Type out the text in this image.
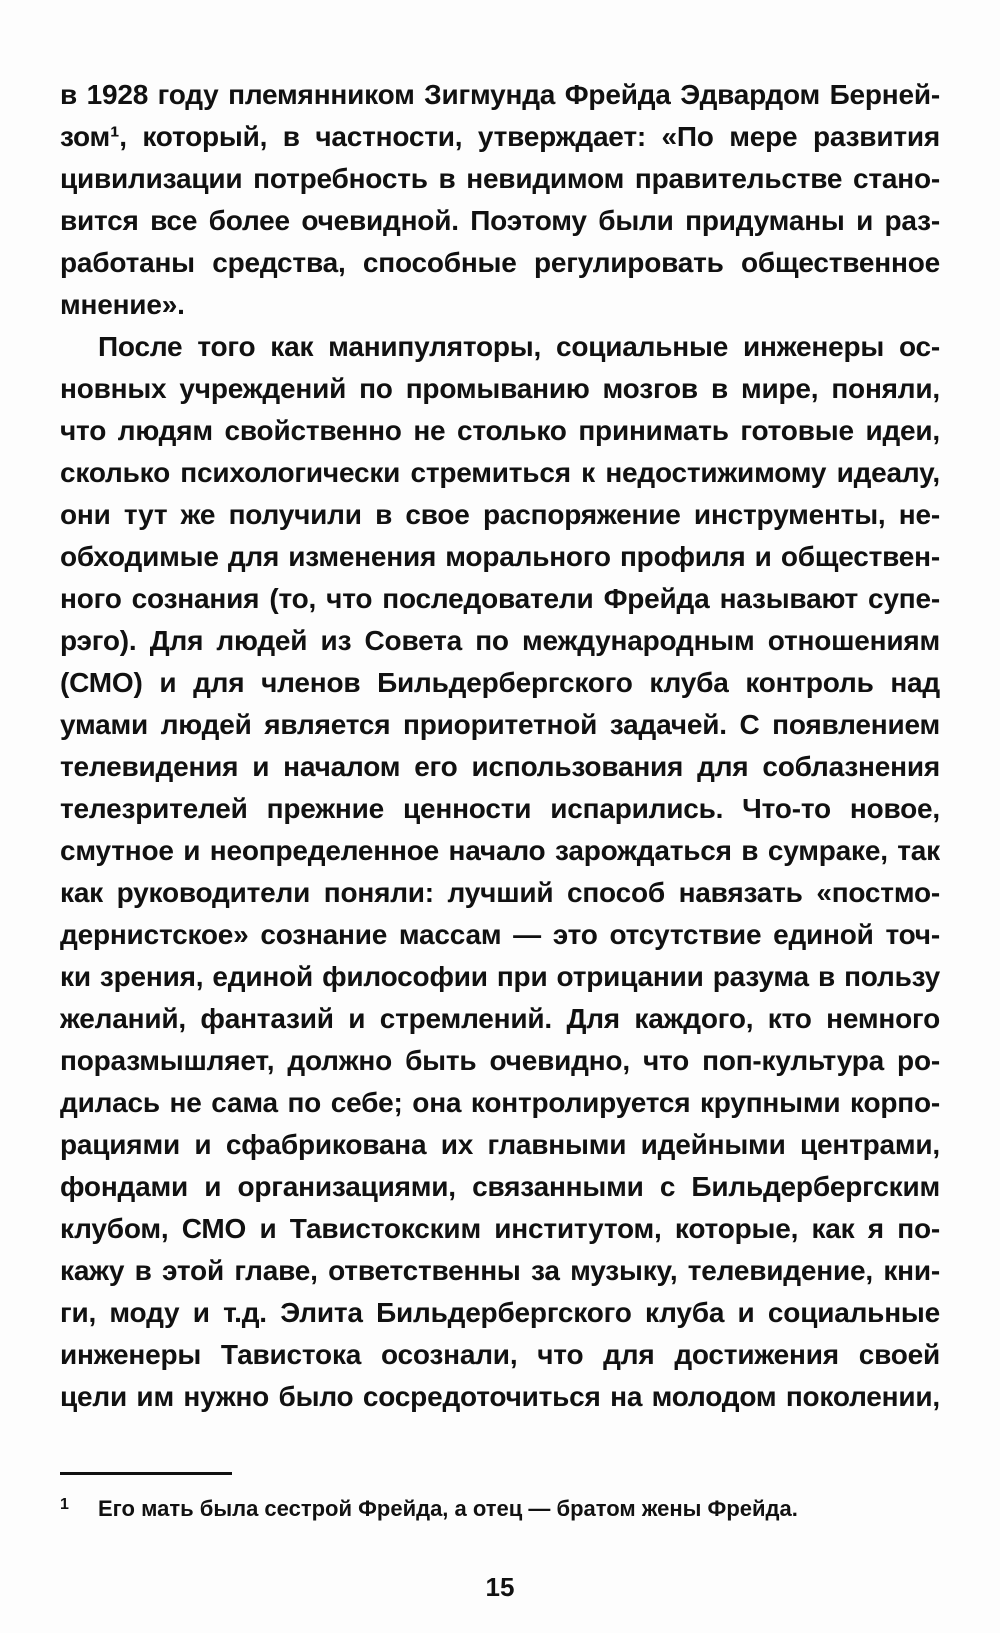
в 1928 году племянником Зигмунда Фрейда Эдвардом Берней-
зом¹, который, в частности, утверждает: «По мере развития
цивилизации потребность в невидимом правительстве стано-
вится все более очевидной. Поэтому были придуманы и раз-
работаны средства, способные регулировать общественное
мнение».
После того как манипуляторы, социальные инженеры ос-
новных учреждений по промыванию мозгов в мире, поняли,
что людям свойственно не столько принимать готовые идеи,
сколько психологически стремиться к недостижимому идеалу,
они тут же получили в свое распоряжение инструменты, не-
обходимые для изменения морального профиля и обществен-
ного сознания (то, что последователи Фрейда называют супе-
рэго). Для людей из Совета по международным отношениям
(СМО) и для членов Бильдербергского клуба контроль над
умами людей является приоритетной задачей. С появлением
телевидения и началом его использования для соблазнения
телезрителей прежние ценности испарились. Что-то новое,
смутное и неопределенное начало зарождаться в сумраке, так
как руководители поняли: лучший способ навязать «постмо-
дернистское» сознание массам — это отсутствие единой точ-
ки зрения, единой философии при отрицании разума в пользу
желаний, фантазий и стремлений. Для каждого, кто немного
поразмышляет, должно быть очевидно, что поп-культура ро-
дилась не сама по себе; она контролируется крупными корпо-
рациями и сфабрикована их главными идейными центрами,
фондами и организациями, связанными с Бильдербергским
клубом, СМО и Тавистокским институтом, которые, как я по-
кажу в этой главе, ответственны за музыку, телевидение, кни-
ги, моду и т.д. Элита Бильдербергского клуба и социальные
инженеры Тавистока осознали, что для достижения своей
цели им нужно было сосредоточиться на молодом поколении,
1 Его мать была сестрой Фрейда, а отец — братом жены Фрейда.
15
